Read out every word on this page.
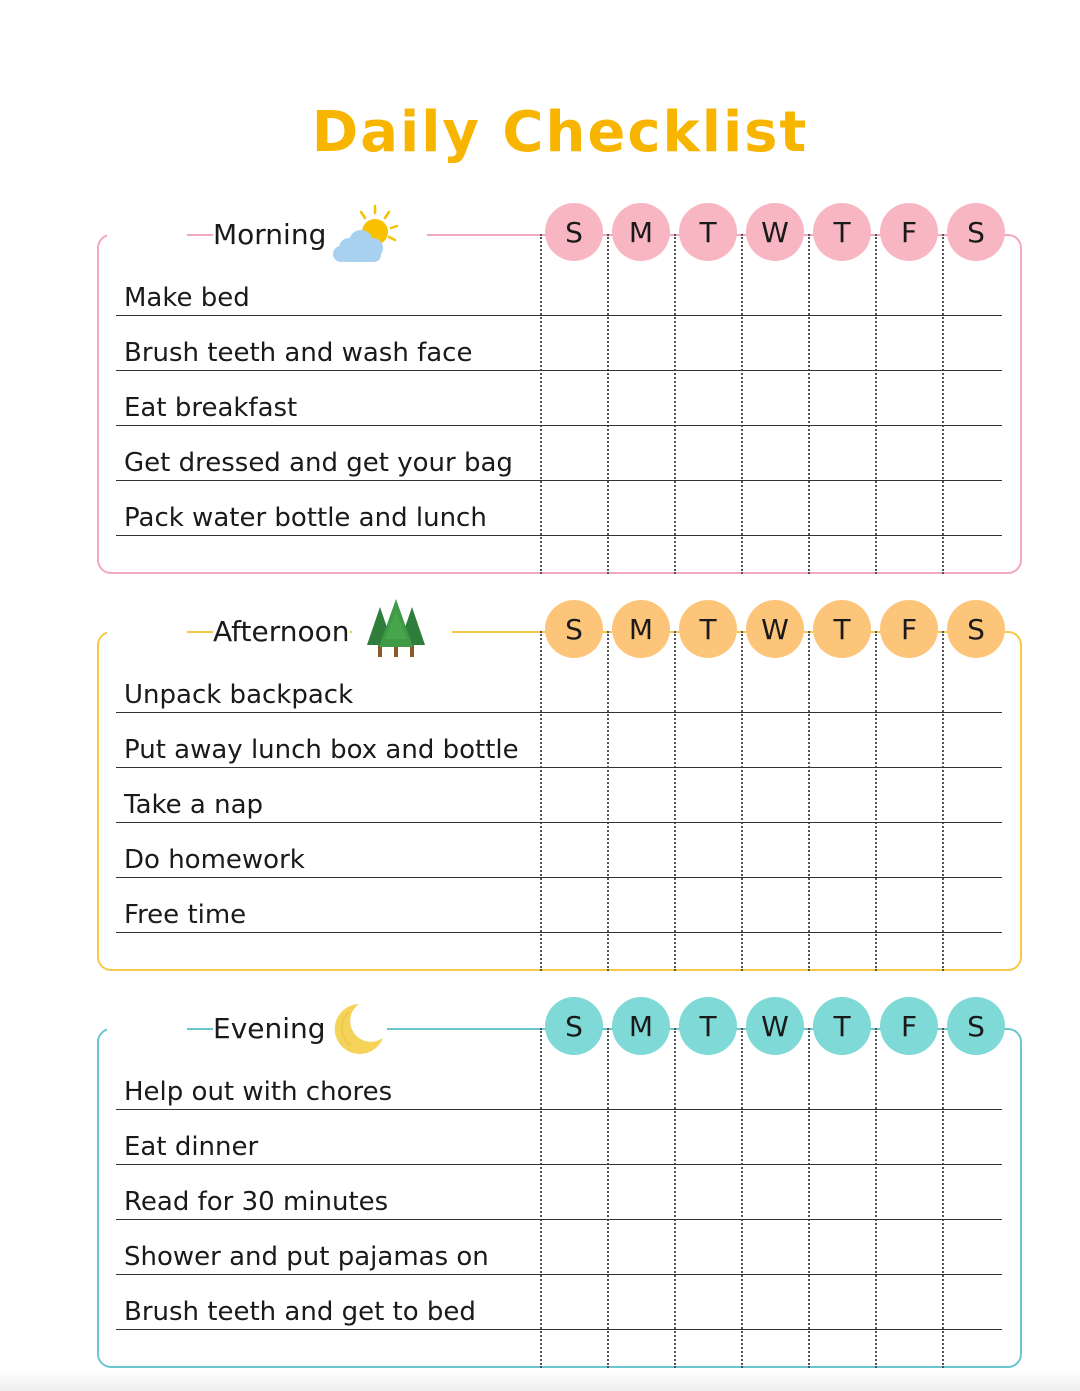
Daily Checklist
Morning	S	M	T	W	T	F	S
Make bed
Brush teeth and wash face
Eat breakfast
Get dressed and get your bag
Pack water bottle and lunch
Afternoon	S	M	T	W	T	F	S
Unpack backpack
Put away lunch box and bottle
Take a nap
Do homework
Free time
Evening	S	M	T	W	T	F	S
Help out with chores
Eat dinner
Read for 30 minutes
Shower and put pajamas on
Brush teeth and get to bed
